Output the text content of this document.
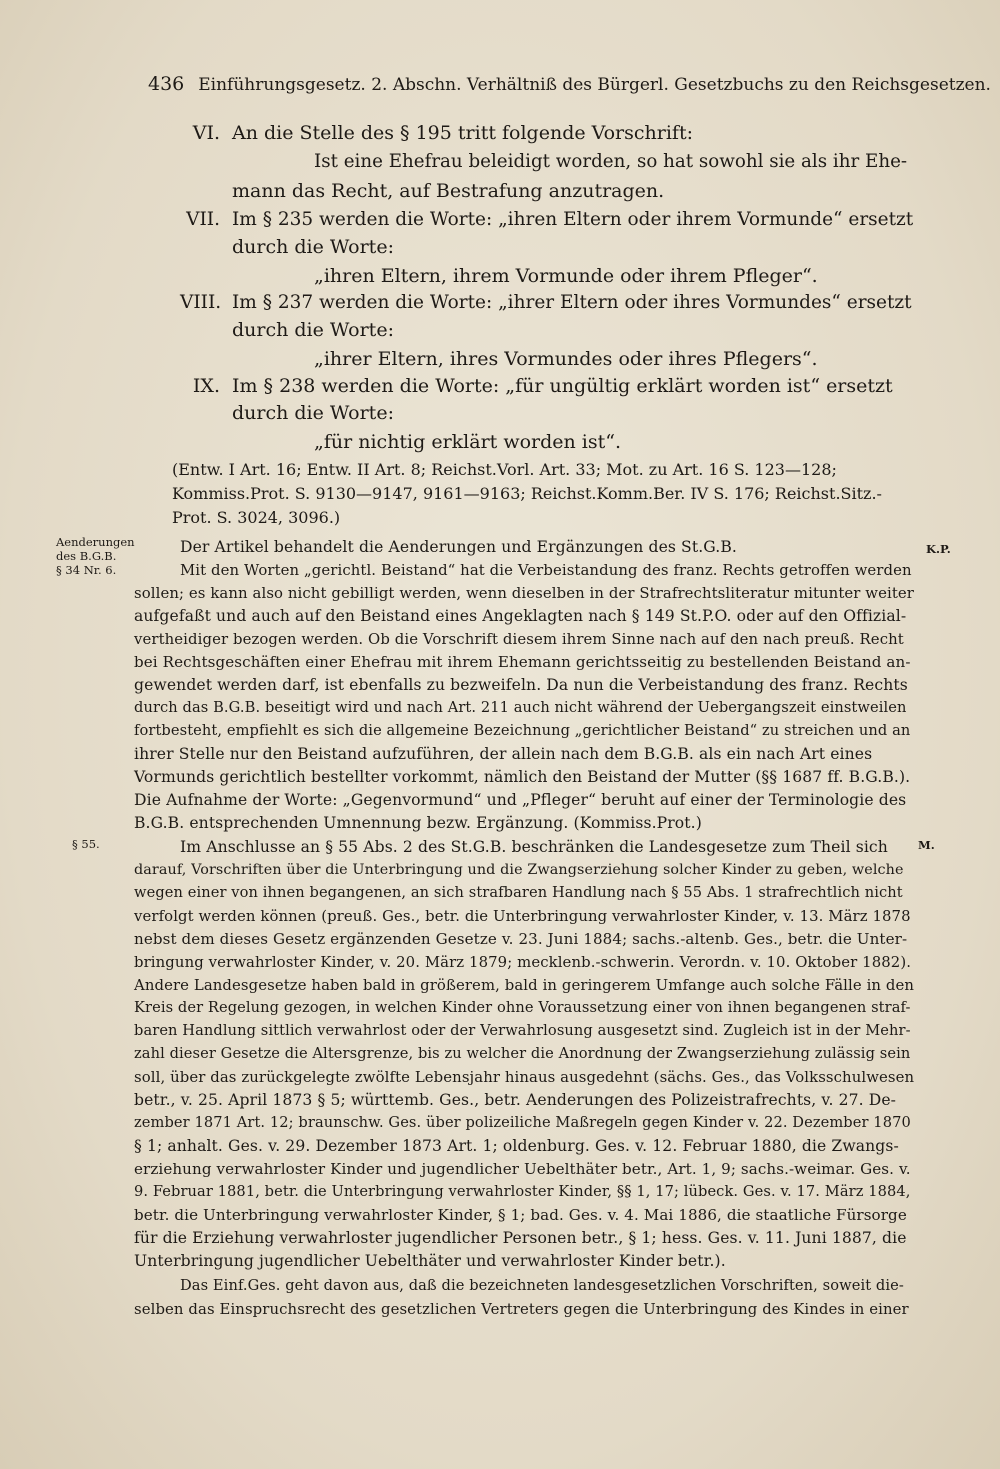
436 Einführungsgesetz. 2. Abschn. Verhältniß des Bürgerl. Gesetzbuchs zu den Reichsgesetzen.
VI. An die Stelle des § 195 tritt folgende Vorschrift:
Ist eine Ehefrau beleidigt worden, so hat sowohl sie als ihr Ehe-
mann das Recht, auf Bestrafung anzutragen.
VII. Im § 235 werden die Worte: „ihren Eltern oder ihrem Vormunde“ ersetzt
durch die Worte:
„ihren Eltern, ihrem Vormunde oder ihrem Pfleger“.
VIII. Im § 237 werden die Worte: „ihrer Eltern oder ihres Vormundes“ ersetzt
durch die Worte:
„ihrer Eltern, ihres Vormundes oder ihres Pflegers“.
IX. Im § 238 werden die Worte: „für ungültig erklärt worden ist“ ersetzt
durch die Worte:
„für nichtig erklärt worden ist“.
(Entw. I Art. 16; Entw. II Art. 8; Reichst.Vorl. Art. 33; Mot. zu Art. 16 S. 123—128;
Kommiss.Prot. S. 9130—9147, 9161—9163; Reichst.Komm.Ber. IV S. 176; Reichst.Sitz.-
Prot. S. 3024, 3096.)
Aenderungen
des B.G.B.
§ 34 Nr. 6.
K.P.
§ 55.	M.
Der Artikel behandelt die Aenderungen und Ergänzungen des St.G.B.
Mit den Worten „gerichtl. Beistand“ hat die Verbeistandung des franz. Rechts getroffen werden
sollen; es kann also nicht gebilligt werden, wenn dieselben in der Strafrechtsliteratur mitunter weiter
aufgefaßt und auch auf den Beistand eines Angeklagten nach § 149 St.P.O. oder auf den Offizial-
vertheidiger bezogen werden. Ob die Vorschrift diesem ihrem Sinne nach auf den nach preuß. Recht
bei Rechtsgeschäften einer Ehefrau mit ihrem Ehemann gerichtsseitig zu bestellenden Beistand an-
gewendet werden darf, ist ebenfalls zu bezweifeln. Da nun die Verbeistandung des franz. Rechts
durch das B.G.B. beseitigt wird und nach Art. 211 auch nicht während der Uebergangszeit einstweilen
fortbesteht, empfiehlt es sich die allgemeine Bezeichnung „gerichtlicher Beistand“ zu streichen und an
ihrer Stelle nur den Beistand aufzuführen, der allein nach dem B.G.B. als ein nach Art eines
Vormunds gerichtlich bestellter vorkommt, nämlich den Beistand der Mutter (§§ 1687 ff. B.G.B.).
Die Aufnahme der Worte: „Gegenvormund“ und „Pfleger“ beruht auf einer der Terminologie des
B.G.B. entsprechenden Umnennung bezw. Ergänzung. (Kommiss.Prot.)
Im Anschlusse an § 55 Abs. 2 des St.G.B. beschränken die Landesgesetze zum Theil sich
darauf, Vorschriften über die Unterbringung und die Zwangserziehung solcher Kinder zu geben, welche
wegen einer von ihnen begangenen, an sich strafbaren Handlung nach § 55 Abs. 1 strafrechtlich nicht
verfolgt werden können (preuß. Ges., betr. die Unterbringung verwahrloster Kinder, v. 13. März 1878
nebst dem dieses Gesetz ergänzenden Gesetze v. 23. Juni 1884; sachs.-altenb. Ges., betr. die Unter-
bringung verwahrloster Kinder, v. 20. März 1879; mecklenb.-schwerin. Verordn. v. 10. Oktober 1882).
Andere Landesgesetze haben bald in größerem, bald in geringerem Umfange auch solche Fälle in den
Kreis der Regelung gezogen, in welchen Kinder ohne Voraussetzung einer von ihnen begangenen straf-
baren Handlung sittlich verwahrlost oder der Verwahrlosung ausgesetzt sind. Zugleich ist in der Mehr-
zahl dieser Gesetze die Altersgrenze, bis zu welcher die Anordnung der Zwangserziehung zulässig sein
soll, über das zurückgelegte zwölfte Lebensjahr hinaus ausgedehnt (sächs. Ges., das Volksschulwesen
betr., v. 25. April 1873 § 5; württemb. Ges., betr. Aenderungen des Polizeistrafrechts, v. 27. De-
zember 1871 Art. 12; braunschw. Ges. über polizeiliche Maßregeln gegen Kinder v. 22. Dezember 1870
§ 1; anhalt. Ges. v. 29. Dezember 1873 Art. 1; oldenburg. Ges. v. 12. Februar 1880, die Zwangs-
erziehung verwahrloster Kinder und jugendlicher Uebelthäter betr., Art. 1, 9; sachs.-weimar. Ges. v.
9. Februar 1881, betr. die Unterbringung verwahrloster Kinder, §§ 1, 17; lübeck. Ges. v. 17. März 1884,
betr. die Unterbringung verwahrloster Kinder, § 1; bad. Ges. v. 4. Mai 1886, die staatliche Fürsorge
für die Erziehung verwahrloster jugendlicher Personen betr., § 1; hess. Ges. v. 11. Juni 1887, die
Unterbringung jugendlicher Uebelthäter und verwahrloster Kinder betr.).
Das Einf.Ges. geht davon aus, daß die bezeichneten landesgesetzlichen Vorschriften, soweit die-
selben das Einspruchsrecht des gesetzlichen Vertreters gegen die Unterbringung des Kindes in einer
